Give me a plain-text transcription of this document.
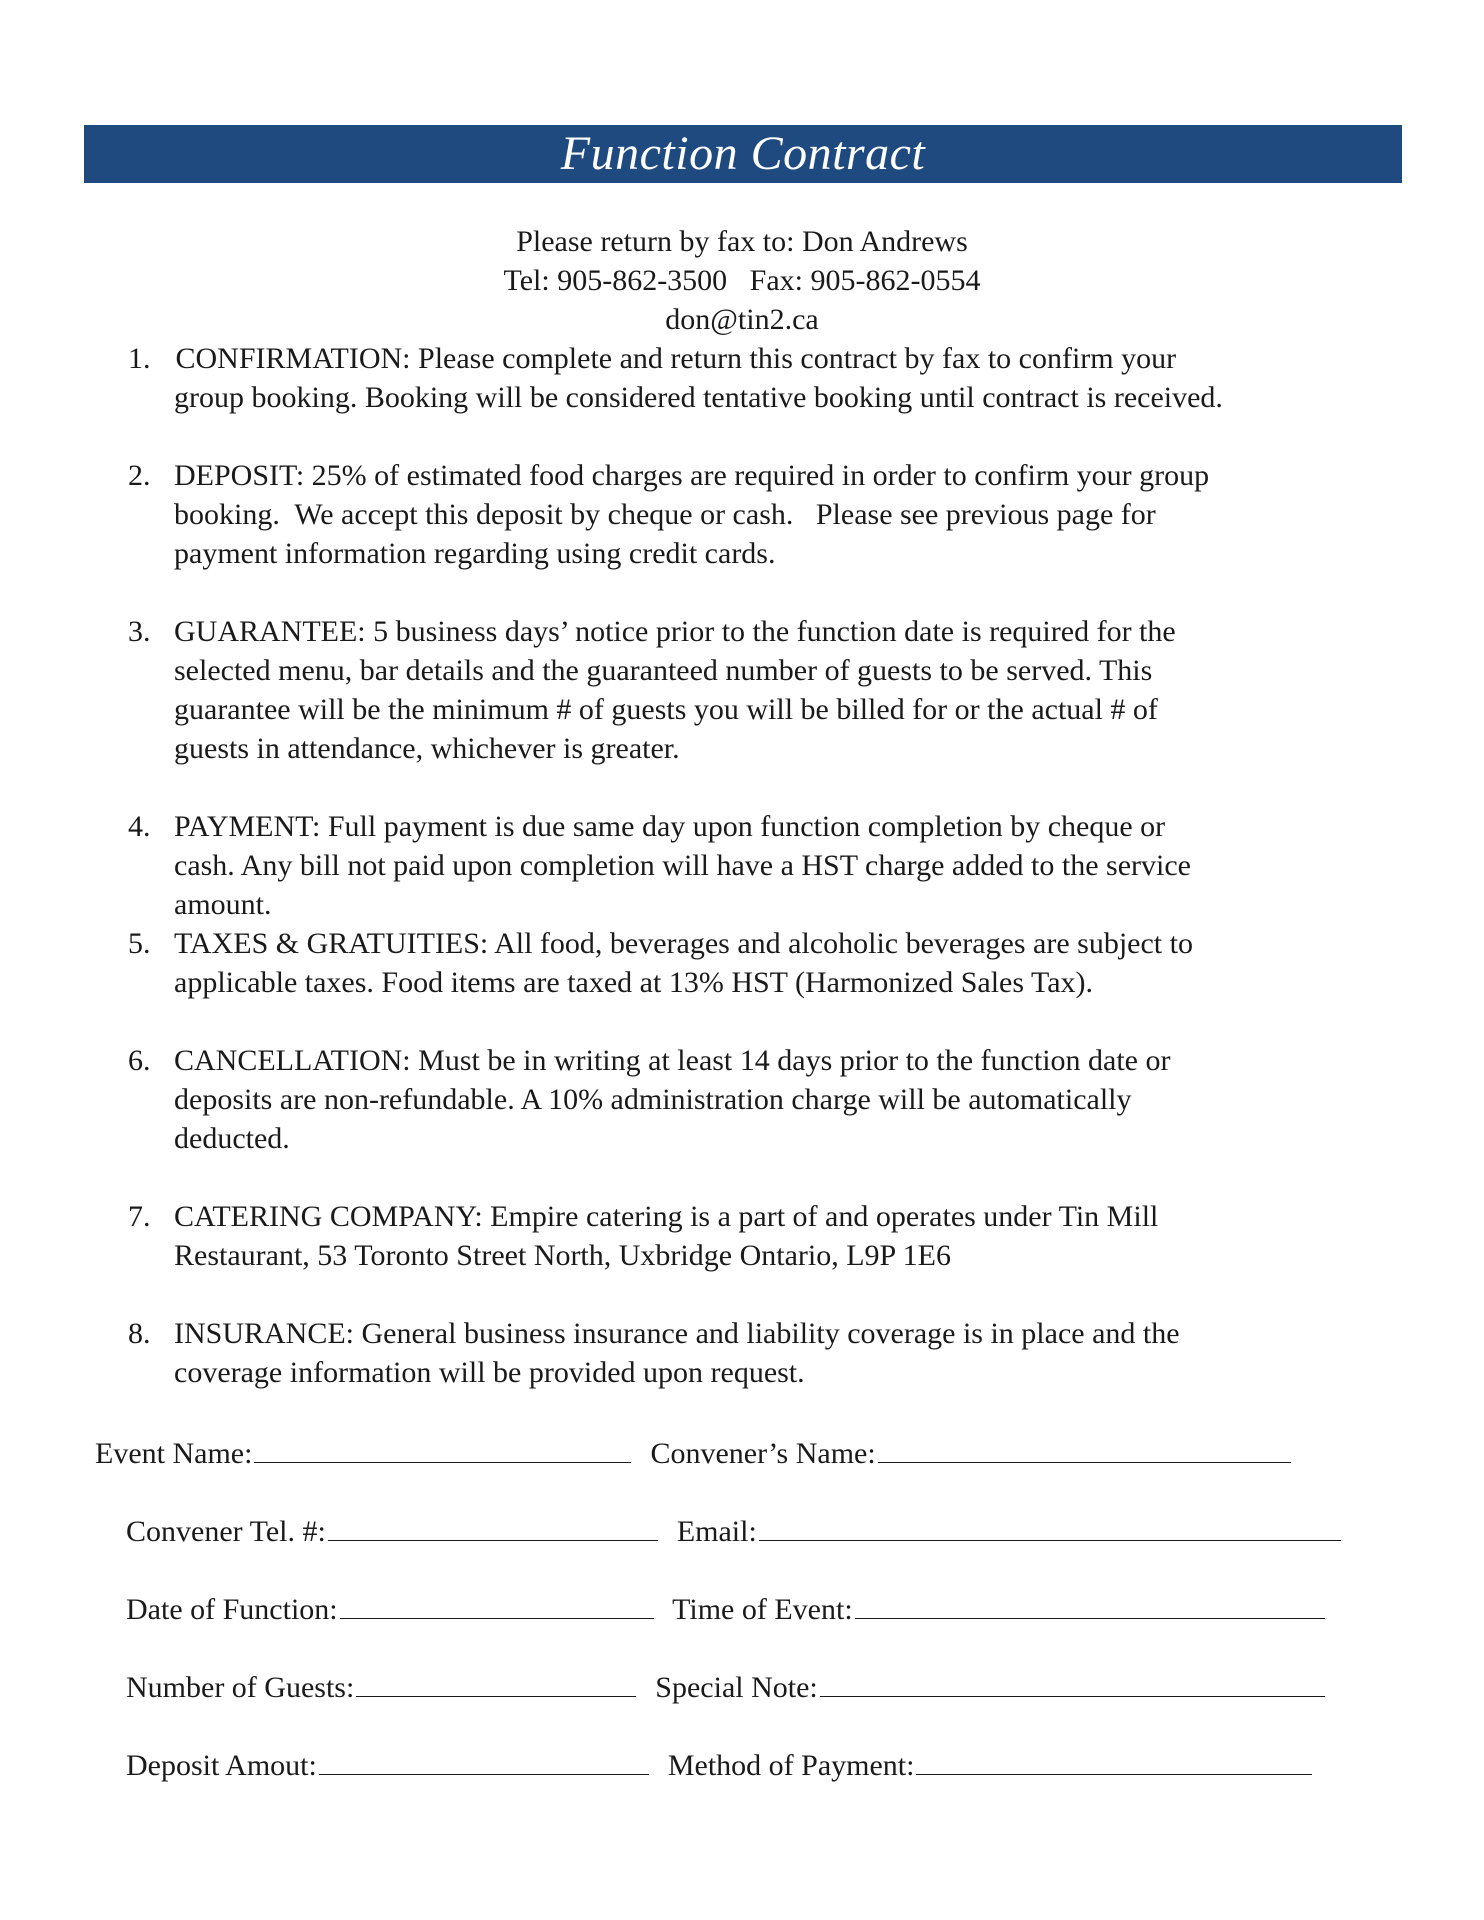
Function Contract
Please return by fax to: Don Andrews
Tel: 905-862-3500   Fax: 905-862-0554
don@tin2.ca
1. CONFIRMATION: Please complete and return this contract by fax to confirm your
group booking. Booking will be considered tentative booking until contract is received.
2. DEPOSIT: 25% of estimated food charges are required in order to confirm your group
booking.  We accept this deposit by cheque or cash.   Please see previous page for
payment information regarding using credit cards.
3. GUARANTEE: 5 business days’ notice prior to the function date is required for the
selected menu, bar details and the guaranteed number of guests to be served. This
guarantee will be the minimum # of guests you will be billed for or the actual # of
guests in attendance, whichever is greater.
4. PAYMENT: Full payment is due same day upon function completion by cheque or
cash. Any bill not paid upon completion will have a HST charge added to the service
amount.
5. TAXES & GRATUITIES: All food, beverages and alcoholic beverages are subject to
applicable taxes. Food items are taxed at 13% HST (Harmonized Sales Tax).
6. CANCELLATION: Must be in writing at least 14 days prior to the function date or
deposits are non-refundable. A 10% administration charge will be automatically
deducted.
7. CATERING COMPANY: Empire catering is a part of and operates under Tin Mill
Restaurant, 53 Toronto Street North, Uxbridge Ontario, L9P 1E6
8. INSURANCE: General business insurance and liability coverage is in place and the
coverage information will be provided upon request.
Event Name:	Convener’s Name:
Convener Tel. #:	Email:
Date of Function:	Time of Event:
Number of Guests:	Special Note:
Deposit Amout:	Method of Payment:
